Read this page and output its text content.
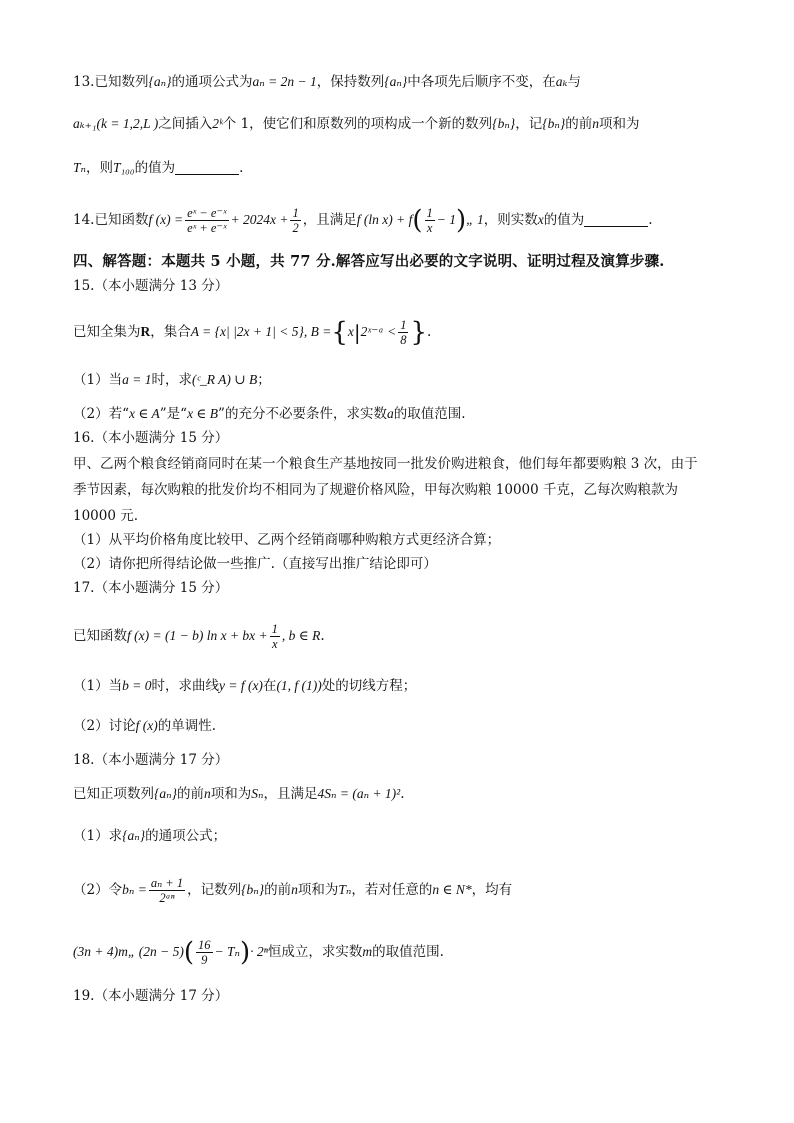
13.已知数列{aₙ}的通项公式为aₙ = 2n − 1，保持数列{aₙ}中各项先后顺序不变，在aₖ与
aₖ₊₁(k = 1,2,L )之间插入2ᵏ个 1，使它们和原数列的项构成一个新的数列{bₙ}，记{bₙ}的前n项和为
Tₙ，则T₁₀₀的值为	.
14.已知函数f $(x) = \frac{\text{eˣ − e⁻ˣ}}{\text{eˣ + e⁻ˣ}} + 2024x + \frac{1}{2}$ ，且满足f (ln $x) + f( \frac{1}{x}$ − 1)„ 1，则实数x的值为	.
四、解答题：本题共 5 小题，共 77 分.解答应写出必要的文字说明、证明过程及演算步骤.
15.（本小题满分 13 分）
已知全集为R，集合A = {x| |2x + 1| < 5}, B ={x|2ˣ⁻ᵃ < $\frac{1}{8}$ }.
（1）当a = 1时，求(ᶜ_R A) ∪ B；
（2）若“x ∈ A”是“x ∈ B”的充分不必要条件，求实数a的取值范围.
16.（本小题满分 15 分）
甲、乙两个粮食经销商同时在某一个粮食生产基地按同一批发价购进粮食，他们每年都要购粮 3 次，由于
季节因素，每次购粮的批发价均不相同为了规避价格风险，甲每次购粮 10000 千克，乙每次购粮款为
10000 元.
（1）从平均价格角度比较甲、乙两个经销商哪种购粮方式更经济合算；
（2）请你把所得结论做一些推广.（直接写出推广结论即可）
17.（本小题满分 15 分）
已知函数f (x) = (1 − b) ln x + bx + $\frac{1}{x}$ , b ∈ R.
（1）当b = 0时，求曲线y = f (x)在(1, f (1))处的切线方程；
（2）讨论f (x)的单调性.
18.（本小题满分 17 分）
已知正项数列{aₙ}的前n项和为Sₙ，且满足4Sₙ = (aₙ + 1)².
（1）求{aₙ}的通项公式；
（2）令$b_n = \frac{\text{aₙ + 1}}{\text{2ᵃⁿ}}$ ，记数列{bₙ}的前n项和为Tₙ，若对任意的n ∈ N*，均有
(3n + 4)m„ $(2n - 5)( \frac{16}{9} - T_n)\cdot 2^n$恒成立，求实数m的取值范围.
19.（本小题满分 17 分）
